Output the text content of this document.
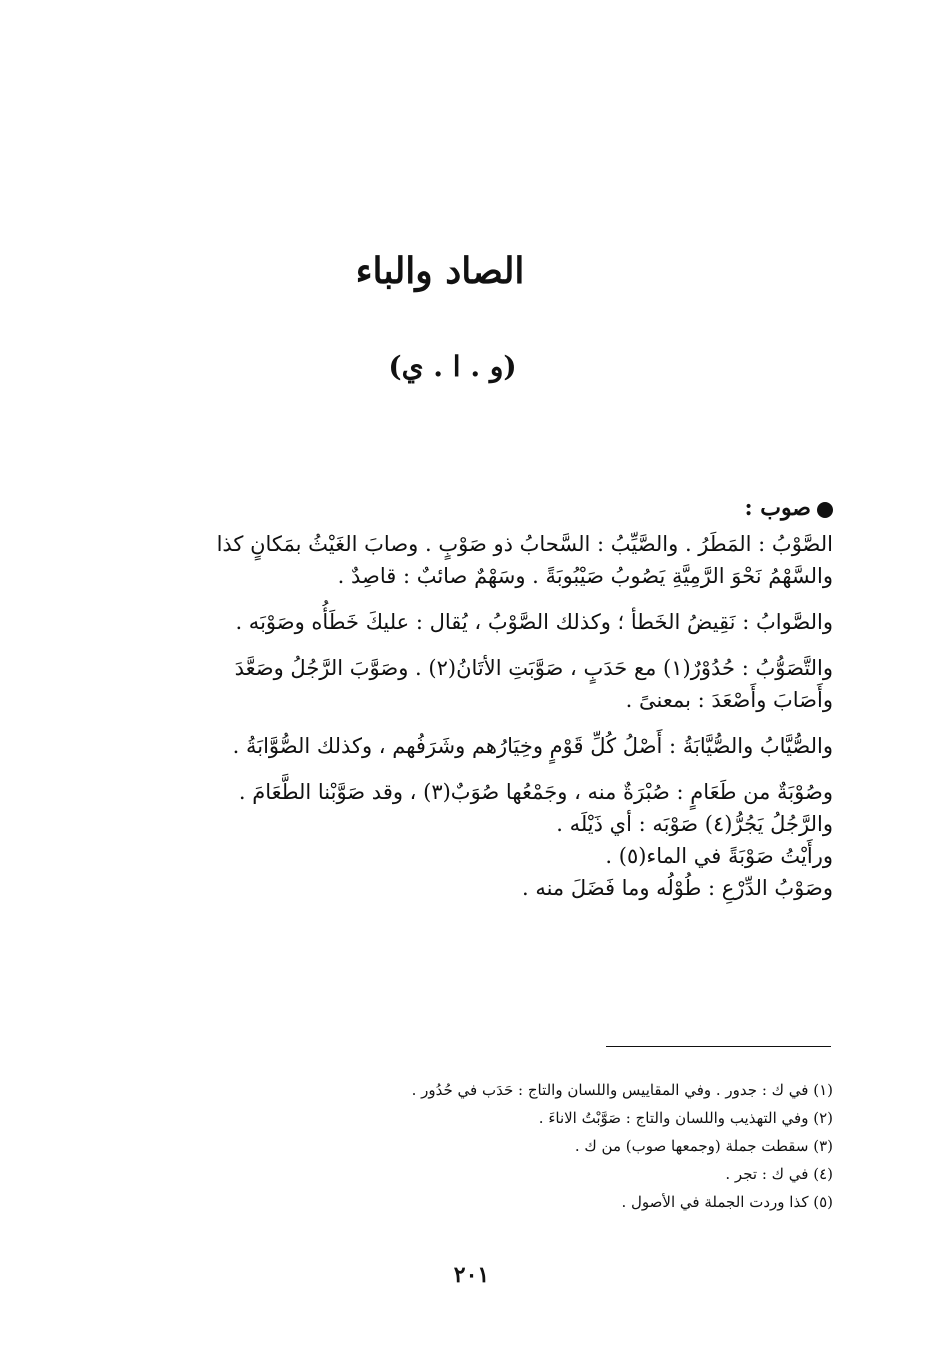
الصاد والباء
(و . ا . ي)
صوب :
الصَّوْبُ : المَطَرُ . والصَّيِّبُ : السَّحابُ ذو صَوْبٍ . وصابَ الغَيْثُ بمَكانٍ كذا
والسَّهْمُ نَحْوَ الرَّمِيَّةِ يَصُوبُ صَيْبُوبَةً . وسَهْمٌ صائبٌ : قاصِدٌ .
والصَّوابُ : نَقِيضُ الخَطأ ؛ وكذلك الصَّوْبُ ، يُقال : عليكَ خَطَأُه وصَوْبَه .
والتَّصَوُّبُ : حُدُوْرٌ(١) مع حَدَبٍ ، صَوَّبَتِ الأتَانُ(٢) . وصَوَّبَ الرَّجُلُ وصَعَّدَ
وأَصَابَ وأَصْعَدَ : بمعنىً .
والصُّيَّابُ والصُّيَّابَةُ : أَصْلُ كُلِّ قَوْمٍ وخِيَارُهم وشَرَفُهم ، وكذلك الصُّوَّابَةُ .
وصُوْبَةٌ من طَعَامٍ : صُبْرَةٌ منه ، وجَمْعُها صُوَبٌ(٣) ، وقد صَوَّبْنا الطَّعَامَ .
والرَّجُلُ يَجُرُّ(٤) صَوْبَه : أي ذَيْلَه .
ورأَيْتُ صَوْبَةً في الماء(٥) .
وصَوْبُ الدِّرْعِ : طُوْلُه وما فَضَلَ منه .
(١) في ك : جدور . وفي المقاييس واللسان والتاج : حَدَب في حُدُور .
(٢) وفي التهذيب واللسان والتاج : صَوَّبْتُ الاناءَ .
(٣) سقطت جملة (وجمعها صوب) من ك .
(٤) في ك : تجر .
(٥) كذا وردت الجملة في الأصول .
٢٠١
